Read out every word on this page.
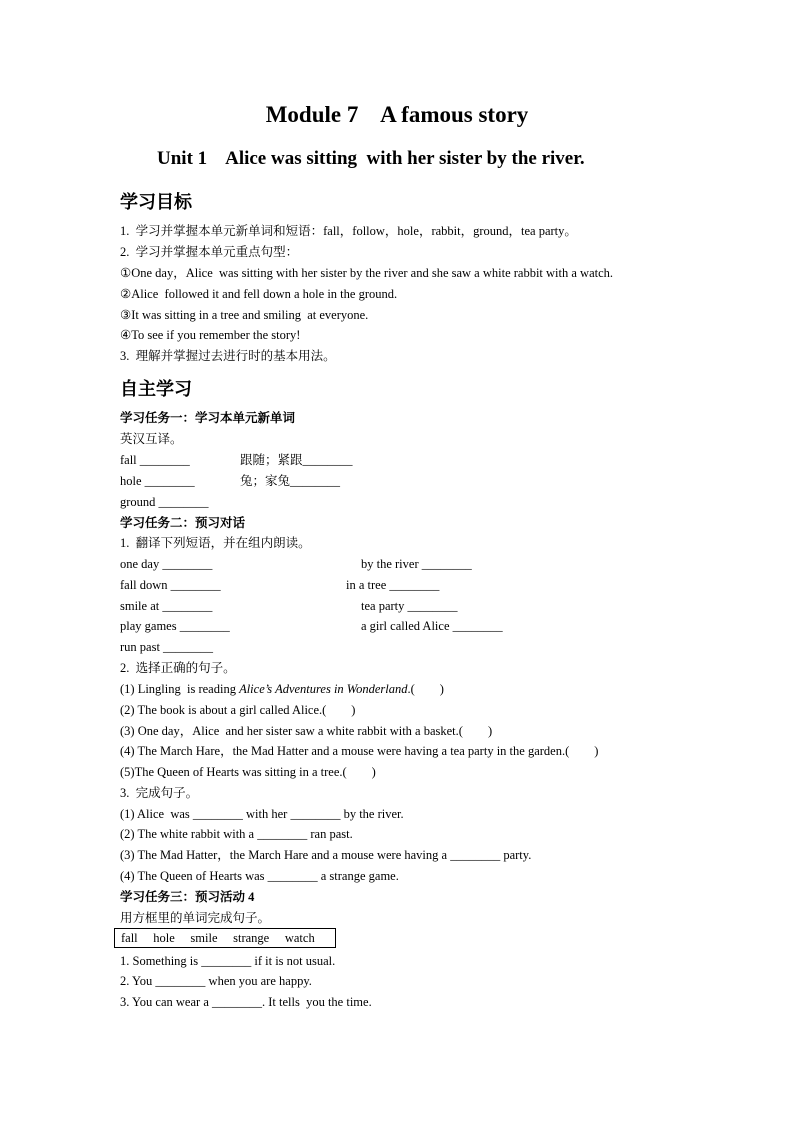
Module 7    A famous story
Unit 1    Alice was sitting  with her sister by the river.
学习目标
1.  学习并掌握本单元新单词和短语：fall，follow，hole，rabbit，ground，tea party。
2.  学习并掌握本单元重点句型：
①One day，Alice  was sitting with her sister by the river and she saw a white rabbit with a watch.
②Alice  followed it and fell down a hole in the ground.
③It was sitting in a tree and smiling  at everyone.
④To see if you remember the story!
3.  理解并掌握过去进行时的基本用法。
自主学习
学习任务一：学习本单元新单词
英汉互译。
fall ________	跟随；紧跟________
hole ________	兔；家兔________
ground ________
学习任务二：预习对话
1.  翻译下列短语，并在组内朗读。
one day ________	by the river ________
fall down ________	in a tree ________
smile at ________	tea party ________
play games ________	a girl called Alice ________
run past ________
2.  选择正确的句子。
(1) Lingling  is reading Alice’s Adventures in Wonderland.(        )
(2) The book is about a girl called Alice.(        )
(3) One day，Alice  and her sister saw a white rabbit with a basket.(        )
(4) The March Hare，the Mad Hatter and a mouse were having a tea party in the garden.(        )
(5)The Queen of Hearts was sitting in a tree.(        )
3.  完成句子。
(1) Alice  was ________ with her ________ by the river.
(2) The white rabbit with a ________ ran past.
(3) The Mad Hatter，the March Hare and a mouse were having a ________ party.
(4) The Queen of Hearts was ________ a strange game.
学习任务三：预习活动 4
用方框里的单词完成句子。
fall     hole     smile     strange     watch
1. Something is ________ if it is not usual.
2. You ________ when you are happy.
3. You can wear a ________. It tells  you the time.
